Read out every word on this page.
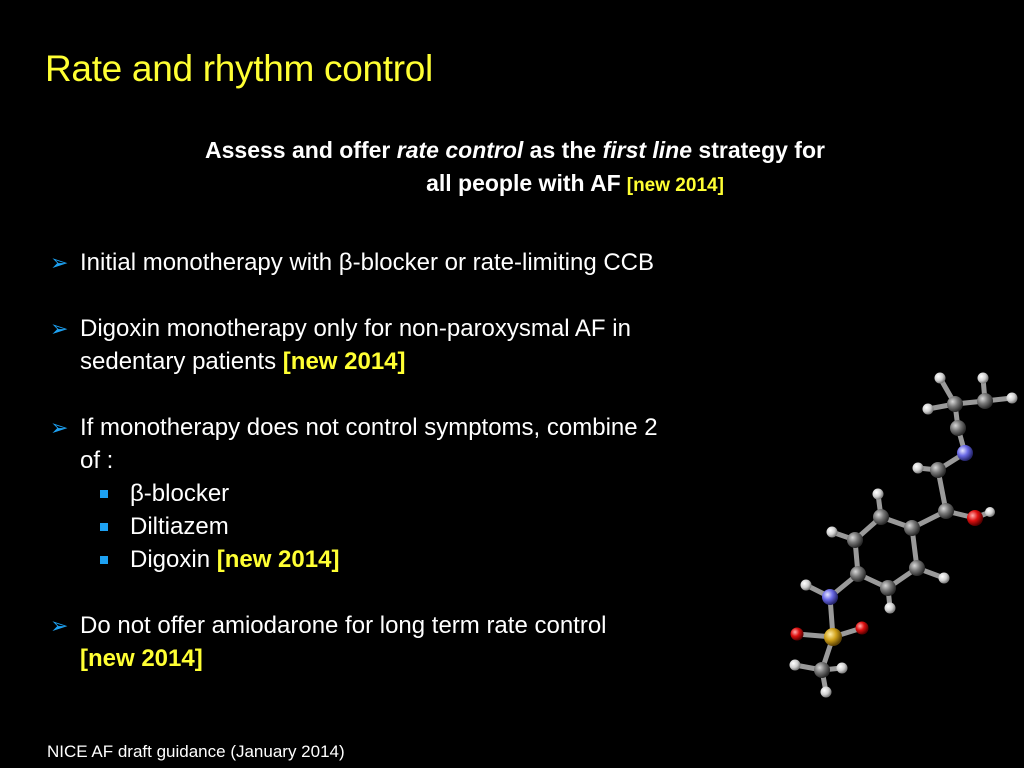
Rate and rhythm control
Assess and offer rate control as the first line strategy for
all people with AF [new 2014]
➢ Initial monotherapy with β-blocker or rate-limiting CCB
➢ Digoxin monotherapy only for non-paroxysmal AF in
sedentary patients [new 2014]
➢ If monotherapy does not control symptoms, combine 2
of :
β-blocker
Diltiazem
Digoxin [new 2014]
➢ Do not offer amiodarone for long term rate control
[new 2014]
NICE AF draft guidance (January 2014)
